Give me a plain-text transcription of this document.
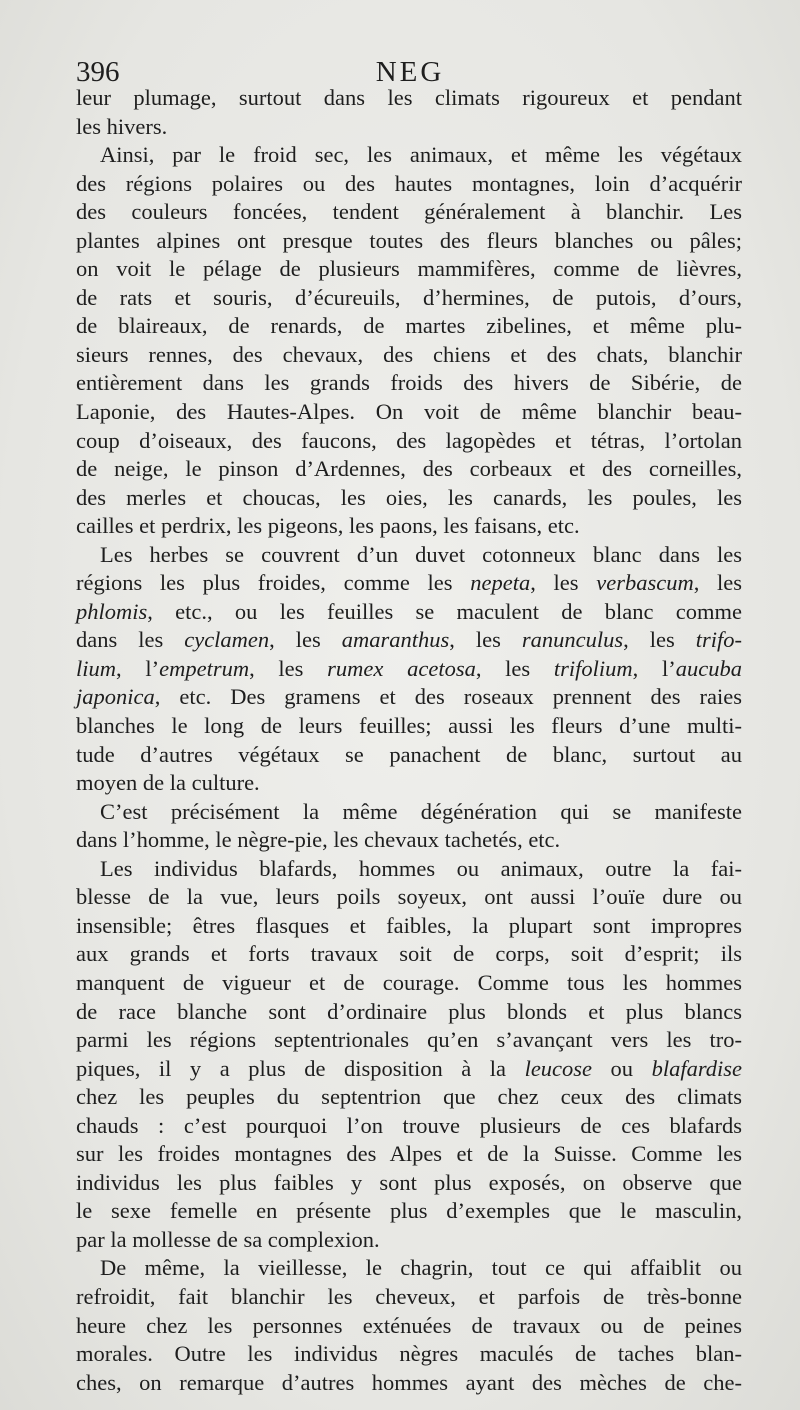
396	NEG
leur plumage, surtout dans les climats rigoureux et pendant
les hivers.
Ainsi, par le froid sec, les animaux, et même les végétaux
des régions polaires ou des hautes montagnes, loin d’acquérir
des couleurs foncées, tendent généralement à blanchir. Les
plantes alpines ont presque toutes des fleurs blanches ou pâles;
on voit le pélage de plusieurs mammifères, comme de lièvres,
de rats et souris, d’écureuils, d’hermines, de putois, d’ours,
de blaireaux, de renards, de martes zibelines, et même plu-
sieurs rennes, des chevaux, des chiens et des chats, blanchir
entièrement dans les grands froids des hivers de Sibérie, de
Laponie, des Hautes-Alpes. On voit de même blanchir beau-
coup d’oiseaux, des faucons, des lagopèdes et tétras, l’ortolan
de neige, le pinson d’Ardennes, des corbeaux et des corneilles,
des merles et choucas, les oies, les canards, les poules, les
cailles et perdrix, les pigeons, les paons, les faisans, etc.
Les herbes se couvrent d’un duvet cotonneux blanc dans les
régions les plus froides, comme les nepeta, les verbascum, les
phlomis, etc., ou les feuilles se maculent de blanc comme
dans les cyclamen, les amaranthus, les ranunculus, les trifo-
lium, l’empetrum, les rumex acetosa, les trifolium, l’aucuba
japonica, etc. Des gramens et des roseaux prennent des raies
blanches le long de leurs feuilles; aussi les fleurs d’une multi-
tude d’autres végétaux se panachent de blanc, surtout au
moyen de la culture.
C’est précisément la même dégénération qui se manifeste
dans l’homme, le nègre-pie, les chevaux tachetés, etc.
Les individus blafards, hommes ou animaux, outre la fai-
blesse de la vue, leurs poils soyeux, ont aussi l’ouïe dure ou
insensible; êtres flasques et faibles, la plupart sont impropres
aux grands et forts travaux soit de corps, soit d’esprit; ils
manquent de vigueur et de courage. Comme tous les hommes
de race blanche sont d’ordinaire plus blonds et plus blancs
parmi les régions septentrionales qu’en s’avançant vers les tro-
piques, il y a plus de disposition à la leucose ou blafardise
chez les peuples du septentrion que chez ceux des climats
chauds : c’est pourquoi l’on trouve plusieurs de ces blafards
sur les froides montagnes des Alpes et de la Suisse. Comme les
individus les plus faibles y sont plus exposés, on observe que
le sexe femelle en présente plus d’exemples que le masculin,
par la mollesse de sa complexion.
De même, la vieillesse, le chagrin, tout ce qui affaiblit ou
refroidit, fait blanchir les cheveux, et parfois de très-bonne
heure chez les personnes exténuées de travaux ou de peines
morales. Outre les individus nègres maculés de taches blan-
ches, on remarque d’autres hommes ayant des mèches de che-
